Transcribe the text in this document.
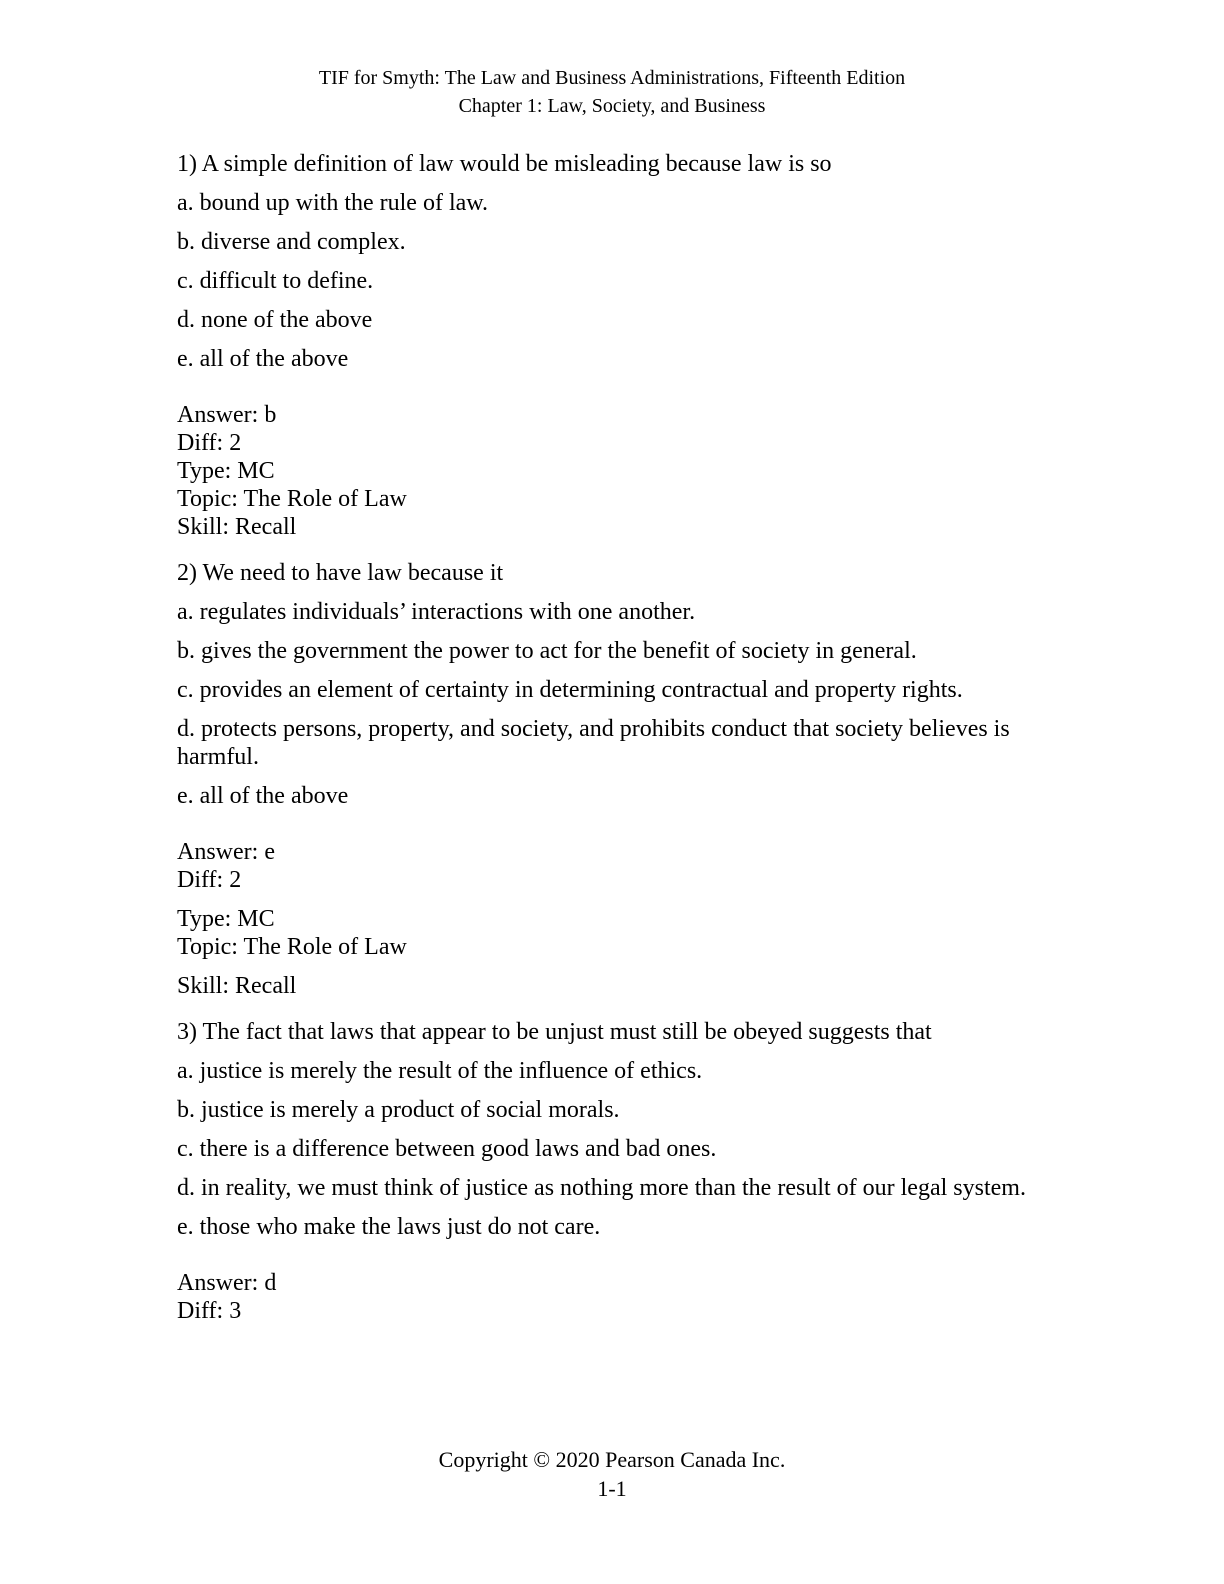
TIF for Smyth: The Law and Business Administrations, Fifteenth Edition
Chapter 1: Law, Society, and Business

1) A simple definition of law would be misleading because law is so

a. bound up with the rule of law.

b. diverse and complex.

c. difficult to define.

d. none of the above

e. all of the above

Answer: b
Diff: 2
Type: MC
Topic: The Role of Law
Skill: Recall

2) We need to have law because it

a. regulates individuals’ interactions with one another.

b. gives the government the power to act for the benefit of society in general.

c. provides an element of certainty in determining contractual and property rights.

d. protects persons, property, and society, and prohibits conduct that society believes is harmful.

e. all of the above

Answer: e
Diff: 2
Type: MC
Topic: The Role of Law
Skill: Recall

3) The fact that laws that appear to be unjust must still be obeyed suggests that

a. justice is merely the result of the influence of ethics.

b. justice is merely a product of social morals.

c. there is a difference between good laws and bad ones.

d. in reality, we must think of justice as nothing more than the result of our legal system.

e. those who make the laws just do not care.

Answer: d
Diff: 3
Copyright © 2020 Pearson Canada Inc.
1-1
